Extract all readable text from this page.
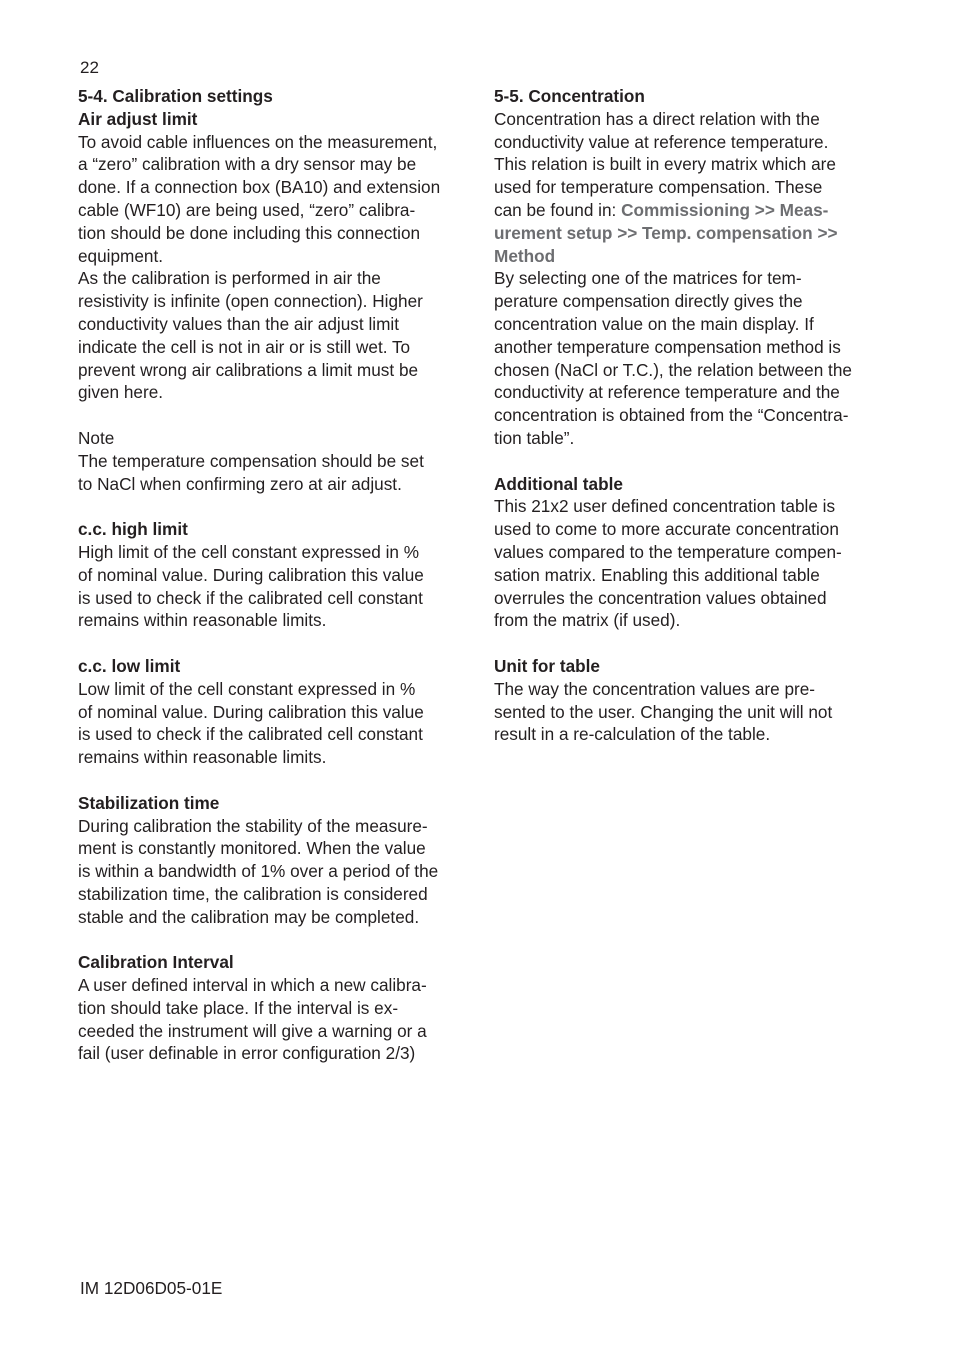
22
5-4. Calibration settings
Air adjust limit
To avoid cable influences on the measurement,
a “zero” calibration with a dry sensor may be
done. If a connection box (BA10) and extension
cable (WF10) are being used, “zero” calibra-
tion should be done including this connection
equipment.
As the calibration is performed in air the
resistivity is infinite (open connection). Higher
conductivity values than the air adjust limit
indicate the cell is not in air or is still wet. To
prevent wrong air calibrations a limit must be
given here.
Note
The temperature compensation should be set
to NaCl when confirming zero at air adjust.
c.c. high limit
High limit of the cell constant expressed in %
of nominal value. During calibration this value
is used to check if the calibrated cell constant
remains within reasonable limits.
c.c. low limit
Low limit of the cell constant expressed in %
of nominal value. During calibration this value
is used to check if the calibrated cell constant
remains within reasonable limits.
Stabilization time
During calibration the stability of the measure-
ment is constantly monitored. When the value
is within a bandwidth of 1% over a period of the
stabilization time, the calibration is considered
stable and the calibration may be completed.
Calibration Interval
A user defined interval in which a new calibra-
tion should take place. If the interval is ex-
ceeded the instrument will give a warning or a
fail (user definable in error configuration 2/3)
5-5. Concentration
Concentration has a direct relation with the
conductivity value at reference temperature.
This relation is built in every matrix which are
used for temperature compensation. These
can be found in: Commissioning >> Meas-
urement setup >> Temp. compensation >>
Method
By selecting one of the matrices for tem-
perature compensation directly gives the
concentration value on the main display. If
another temperature compensation method is
chosen (NaCl or T.C.), the relation between the
conductivity at reference temperature and the
concentration is obtained from the “Concentra-
tion table”.
Additional table
This 21x2 user defined concentration table is
used to come to more accurate concentration
values compared to the temperature compen-
sation matrix. Enabling this additional table
overrules the concentration values obtained
from the matrix (if used).
Unit for table
The way the concentration values are pre-
sented to the user. Changing the unit will not
result in a re-calculation of the table.
IM 12D06D05-01E
